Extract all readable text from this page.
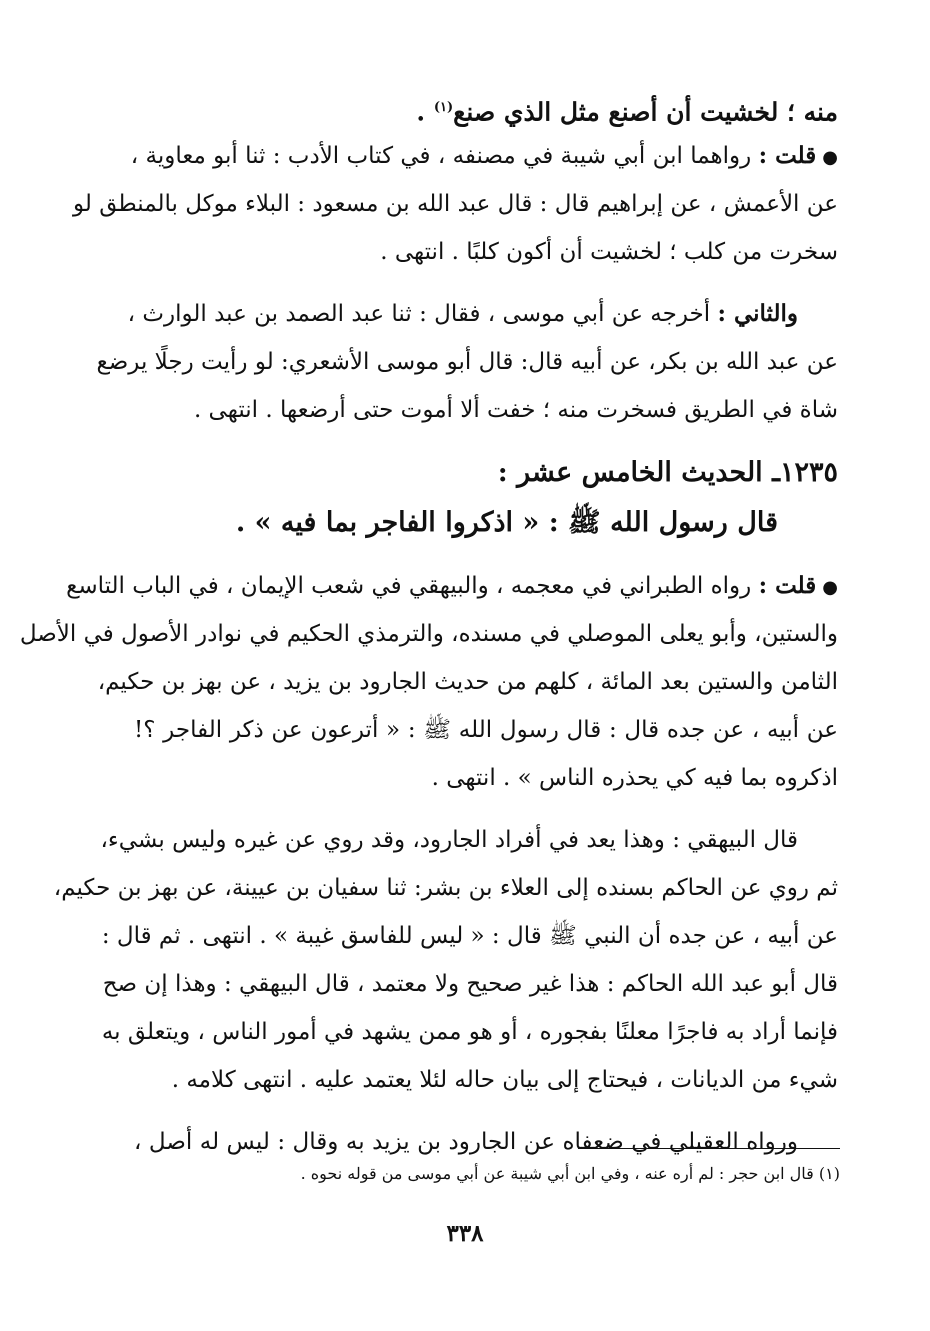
منه ؛ لخشيت أن أصنع مثل الذي صنع$^{(١)}$ .
●قلت : رواهما ابن أبي شيبة في مصنفه ، في كتاب الأدب : ثنا أبو معاوية ،
عن الأعمش ، عن إبراهيم قال : قال عبد الله بن مسعود : البلاء موكل بالمنطق لو
سخرت من كلب ؛ لخشيت أن أكون كلبًا . انتهى .
والثاني : أخرجه عن أبي موسى ، فقال : ثنا عبد الصمد بن عبد الوارث ،
عن عبد الله بن بكر، عن أبيه قال: قال أبو موسى الأشعري: لو رأيت رجلًا يرضع
شاة في الطريق فسخرت منه ؛ خفت ألا أموت حتى أرضعها . انتهى .
١٢٣٥ـ الحديث الخامس عشر :
قال رسول الله ﷺ : « اذكروا الفاجر بما فيه » .
●قلت : رواه الطبراني في معجمه ، والبيهقي في شعب الإيمان ، في الباب التاسع
والستين، وأبو يعلى الموصلي في مسنده، والترمذي الحكيم في نوادر الأصول في الأصل
الثامن والستين بعد المائة ، كلهم من حديث الجارود بن يزيد ، عن بهز بن حكيم،
عن أبيه ، عن جده قال : قال رسول الله ﷺ : « أترعون عن ذكر الفاجر ؟!
اذكروه بما فيه كي يحذره الناس » . انتهى .
قال البيهقي : وهذا يعد في أفراد الجارود، وقد روي عن غيره وليس بشيء،
ثم روي عن الحاكم بسنده إلى العلاء بن بشر: ثنا سفيان بن عيينة، عن بهز بن حكيم،
عن أبيه ، عن جده أن النبي ﷺ قال : « ليس للفاسق غيبة » . انتهى . ثم قال :
قال أبو عبد الله الحاكم : هذا غير صحيح ولا معتمد ، قال البيهقي : وهذا إن صح
فإنما أراد به فاجرًا معلنًا بفجوره ، أو هو ممن يشهد في أمور الناس ، ويتعلق به
شيء من الديانات ، فيحتاج إلى بيان حاله لئلا يعتمد عليه . انتهى كلامه .
ورواه العقيلي في ضعفاه عن الجارود بن يزيد به وقال : ليس له أصل ،
(١) قال ابن حجر : لم أره عنه ، وفي ابن أبي شيبة عن أبي موسى من قوله نحوه .
٣٣٨
